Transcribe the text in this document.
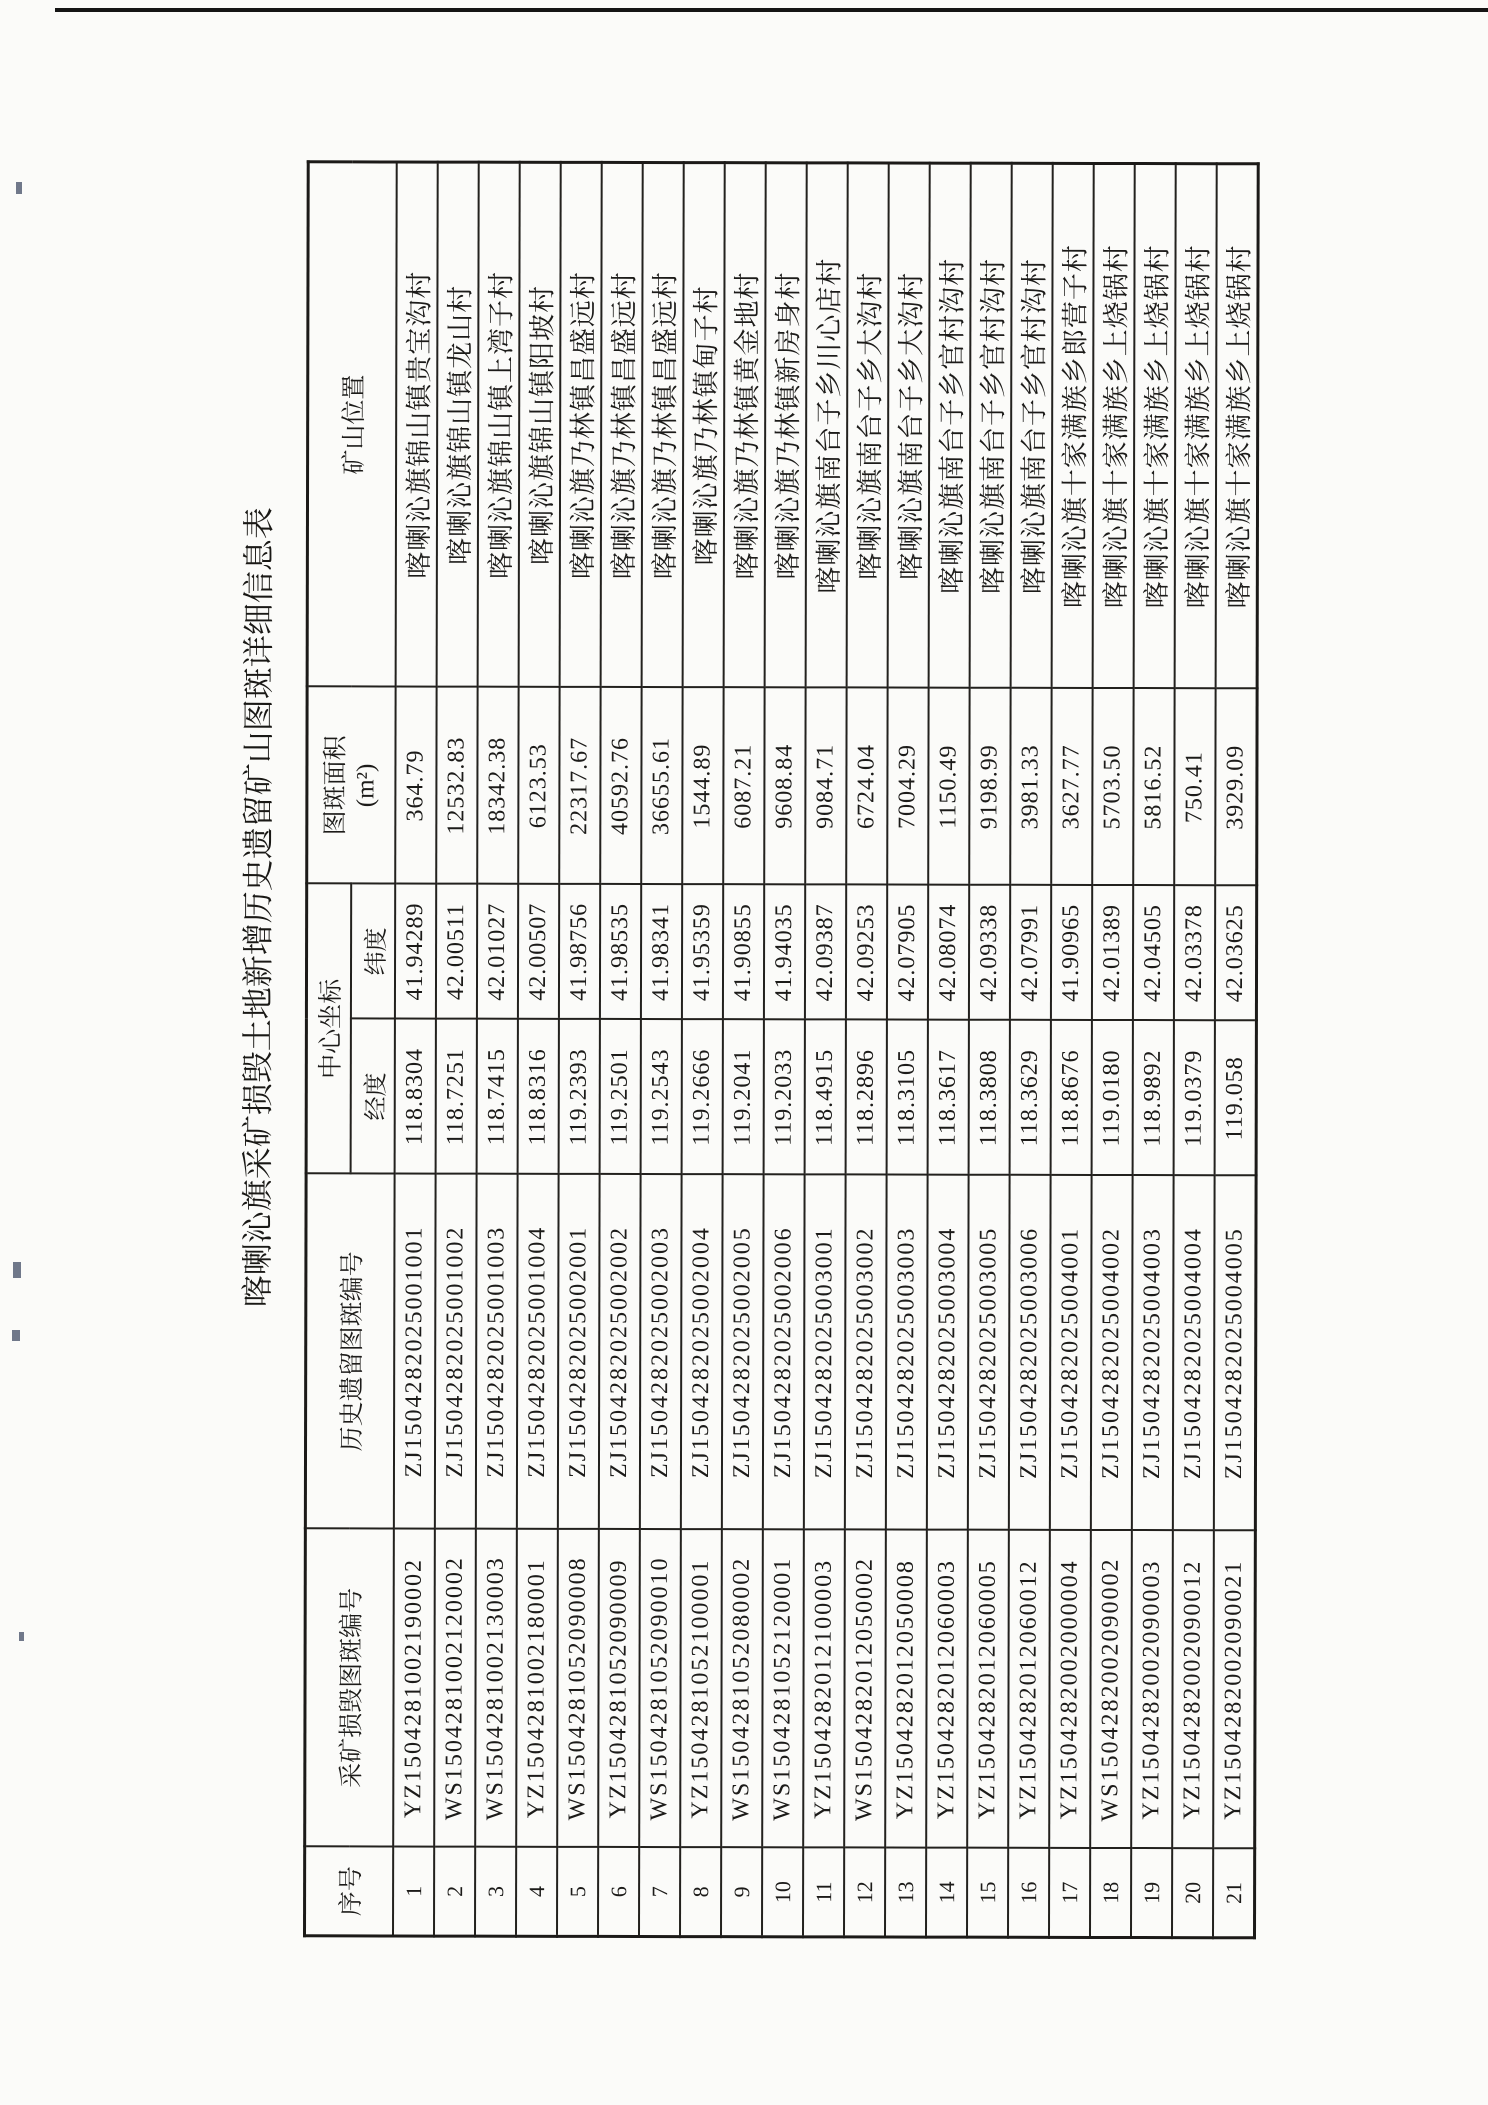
喀喇沁旗采矿损毁土地新增历史遗留矿山图斑详细信息表
序号	采矿损毁图斑编号	历史遗留图斑编号	中心坐标		图斑面积 (m²)	矿山位置
			经度	纬度		
1	YZ1504281002190002	ZJ1504282025001001	118.8304	41.94289	364.79	喀喇沁旗锦山镇贵宝沟村
2	WS1504281002120002	ZJ1504282025001002	118.7251	42.00511	12532.83	喀喇沁旗锦山镇龙山村
3	WS1504281002130003	ZJ1504282025001003	118.7415	42.01027	18342.38	喀喇沁旗锦山镇上湾子村
4	YZ1504281002180001	ZJ1504282025001004	118.8316	42.00507	6123.53	喀喇沁旗锦山镇阳坡村
5	WS1504281052090008	ZJ1504282025002001	119.2393	41.98756	22317.67	喀喇沁旗乃林镇昌盛远村
6	YZ1504281052090009	ZJ1504282025002002	119.2501	41.98535	40592.76	喀喇沁旗乃林镇昌盛远村
7	WS1504281052090010	ZJ1504282025002003	119.2543	41.98341	36655.61	喀喇沁旗乃林镇昌盛远村
8	YZ1504281052100001	ZJ1504282025002004	119.2666	41.95359	1544.89	喀喇沁旗乃林镇甸子村
9	WS1504281052080002	ZJ1504282025002005	119.2041	41.90855	6087.21	喀喇沁旗乃林镇黄金地村
10	WS1504281052120001	ZJ1504282025002006	119.2033	41.94035	9608.84	喀喇沁旗乃林镇新房身村
11	YZ1504282012100003	ZJ1504282025003001	118.4915	42.09387	9084.71	喀喇沁旗南台子乡川心店村
12	WS1504282012050002	ZJ1504282025003002	118.2896	42.09253	6724.04	喀喇沁旗南台子乡大沟村
13	YZ1504282012050008	ZJ1504282025003003	118.3105	42.07905	7004.29	喀喇沁旗南台子乡大沟村
14	YZ1504282012060003	ZJ1504282025003004	118.3617	42.08074	1150.49	喀喇沁旗南台子乡官村沟村
15	YZ1504282012060005	ZJ1504282025003005	118.3808	42.09338	9198.99	喀喇沁旗南台子乡官村沟村
16	YZ1504282012060012	ZJ1504282025003006	118.3629	42.07991	3981.33	喀喇沁旗南台子乡官村沟村
17	YZ1504282002000004	ZJ1504282025004001	118.8676	41.90965	3627.77	喀喇沁旗十家满族乡郎营子村
18	WS1504282002090002	ZJ1504282025004002	119.0180	42.01389	5703.50	喀喇沁旗十家满族乡上烧锅村
19	YZ1504282002090003	ZJ1504282025004003	118.9892	42.04505	5816.52	喀喇沁旗十家满族乡上烧锅村
20	YZ1504282002090012	ZJ1504282025004004	119.0379	42.03378	750.41	喀喇沁旗十家满族乡上烧锅村
21	YZ1504282002090021	ZJ1504282025004005	119.058	42.03625	3929.09	喀喇沁旗十家满族乡上烧锅村
